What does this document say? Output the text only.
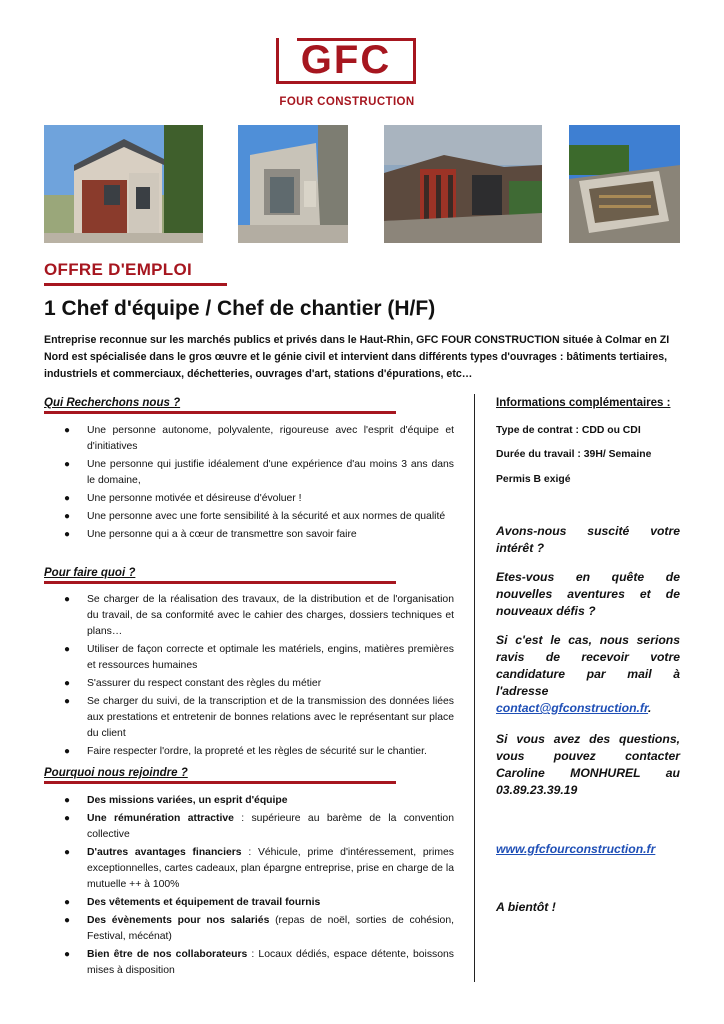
GFC
FOUR CONSTRUCTION
OFFRE D'EMPLOI
1 Chef d'équipe / Chef de chantier (H/F)
Entreprise reconnue sur les marchés publics et privés dans le Haut-Rhin, GFC FOUR CONSTRUCTION située à Colmar en ZI Nord est spécialisée dans le gros œuvre et le génie civil et intervient dans différents types d'ouvrages : bâtiments tertiaires, industriels et commerciaux, déchetteries, ouvrages d'art, stations d'épurations, etc…
Qui Recherchons nous ?
● Une personne autonome, polyvalente, rigoureuse avec l'esprit d'équipe et d'initiatives
● Une personne qui justifie idéalement d'une expérience d'au moins 3 ans dans le domaine,
● Une personne motivée et désireuse d'évoluer !
● Une personne avec une forte sensibilité à la sécurité et aux normes de qualité
● Une personne qui a à cœur de transmettre son savoir faire
Pour faire quoi ?
● Se charger de la réalisation des travaux, de la distribution et de l'organisation du travail, de sa conformité avec le cahier des charges, dossiers techniques et plans…
● Utiliser de façon correcte et optimale les matériels, engins, matières premières et ressources humaines
● S'assurer du respect constant des règles du métier
● Se charger du suivi, de la transcription et de la transmission des données liées aux prestations et entretenir de bonnes relations avec le représentant sur place du client
● Faire respecter l'ordre, la propreté et les règles de sécurité sur le chantier.
Pourquoi nous rejoindre ?
● Des missions variées, un esprit d'équipe
● Une rémunération attractive : supérieure au barème de la convention collective
● D'autres avantages financiers : Véhicule, prime d'intéressement, primes exceptionnelles, cartes cadeaux, plan épargne entreprise, prise en charge de la mutuelle ++ à 100%
● Des vêtements et équipement de travail fournis
● Des évènements pour nos salariés (repas de noël, sorties de cohésion, Festival, mécénat)
● Bien être de nos collaborateurs : Locaux dédiés, espace détente, boissons mises à disposition
Informations complémentaires :
Type de contrat : CDD ou CDI
Durée du travail : 39H/ Semaine
Permis B exigé
Avons-nous suscité votre intérêt ?
Etes-vous en quête de nouvelles aventures et de nouveaux défis ?
Si c'est le cas, nous serions ravis de recevoir votre candidature par mail à l'adresse contact@gfconstruction.fr.
Si vous avez des questions, vous pouvez contacter Caroline MONHUREL au 03.89.23.39.19
www.gfcfourconstruction.fr
A bientôt !
